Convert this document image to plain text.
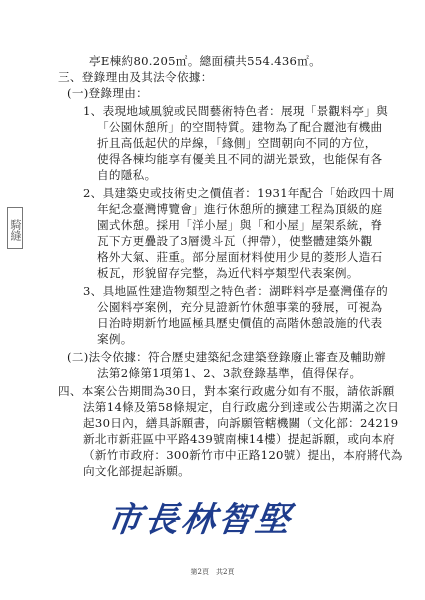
騎縫
亭E棟約80.205㎡。總面積共554.436㎡。
三、登錄理由及其法令依據：
(一)登錄理由：
1、表現地域風貌或民間藝術特色者：展現「景觀料亭」與
「公園休憩所」的空間特質。建物為了配合麗池有機曲
折且高低起伏的岸線，「緣側」空間朝向不同的方位，
使得各棟均能享有優美且不同的湖光景致，也能保有各
自的隱私。
2、具建築史或技術史之價值者：1931年配合「始政四十周
年紀念臺灣博覽會」進行休憩所的擴建工程為頂級的庭
園式休憩。採用「洋小屋」與「和小屋」屋架系統，脊
瓦下方更疊設了3層燙斗瓦（押帶），使整體建築外觀
格外大氣、莊重。部分屋面材料使用少見的菱形人造石
板瓦，形貌留存完整，為近代料亭類型代表案例。
3、具地區性建造物類型之特色者：湖畔料亭是臺灣僅存的
公園料亭案例，充分見證新竹休憩事業的發展，可視為
日治時期新竹地區極具歷史價值的高階休憩設施的代表
案例。
(二)法令依據：符合歷史建築紀念建築登錄廢止審查及輔助辦
法第2條第1項第1、2、3款登錄基準，值得保存。
四、本案公告期間為30日，對本案行政處分如有不服，請依訴願
法第14條及第58條規定，自行政處分到達或公告期滿之次日
起30日內，繕具訴願書，向訴願管轄機關（文化部：24219
新北市新莊區中平路439號南棟14樓）提起訴願，或向本府
（新竹市政府：300新竹市中正路120號）提出，本府將代為
向文化部提起訴願。
市長林智堅
第2頁　共2頁
